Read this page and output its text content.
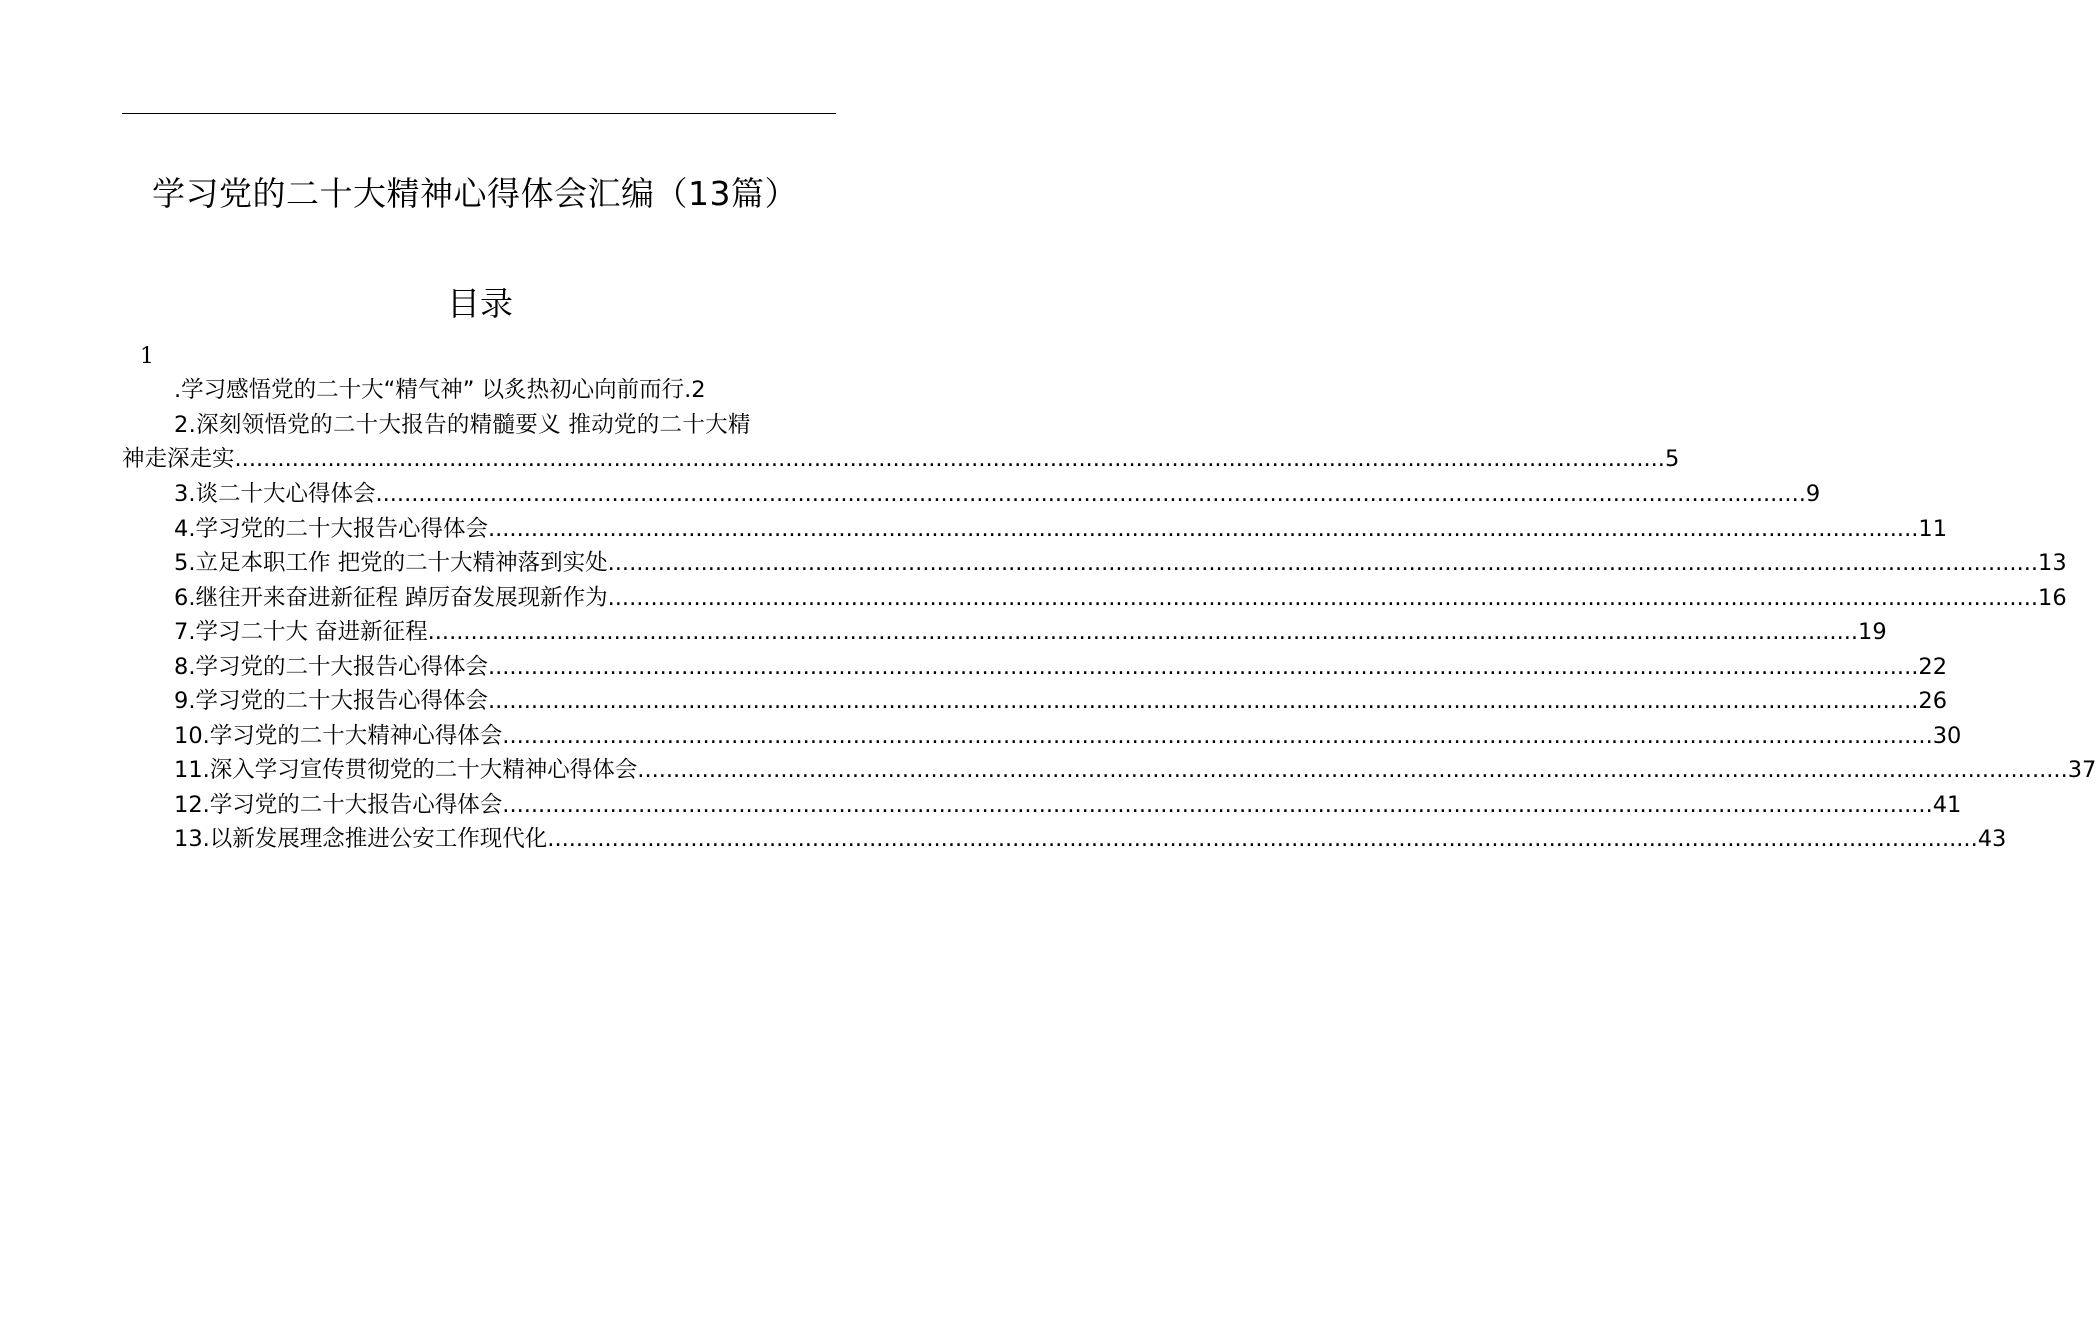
学习党的二十大精神心得体会汇编（13篇）
目录
1
.学习感悟党的二十大“精气神” 以炙热初心向前而行 . 2
2.深刻领悟党的二十大报告的精髓要义 推动党的二十大精
神走深走实 ........................................................................................................................................................................................................ 5
3.谈二十大心得体会 ........................................................................................................................................................................................................ 9
4.学习党的二十大报告心得体会 ........................................................................................................................................................................................................ 11
5.立足本职工作 把党的二十大精神落到实处 ........................................................................................................................................................................................................ 13
6.继往开来奋进新征程 踔厉奋发展现新作为 ........................................................................................................................................................................................................ 16
7.学习二十大 奋进新征程 ........................................................................................................................................................................................................ 19
8.学习党的二十大报告心得体会 ........................................................................................................................................................................................................ 22
9.学习党的二十大报告心得体会 ........................................................................................................................................................................................................ 26
10.学习党的二十大精神心得体会 ........................................................................................................................................................................................................ 30
11.深入学习宣传贯彻党的二十大精神心得体会 ........................................................................................................................................................................................................ 37
12.学习党的二十大报告心得体会 ........................................................................................................................................................................................................ 41
13.以新发展理念推进公安工作现代化 ........................................................................................................................................................................................................ 43
